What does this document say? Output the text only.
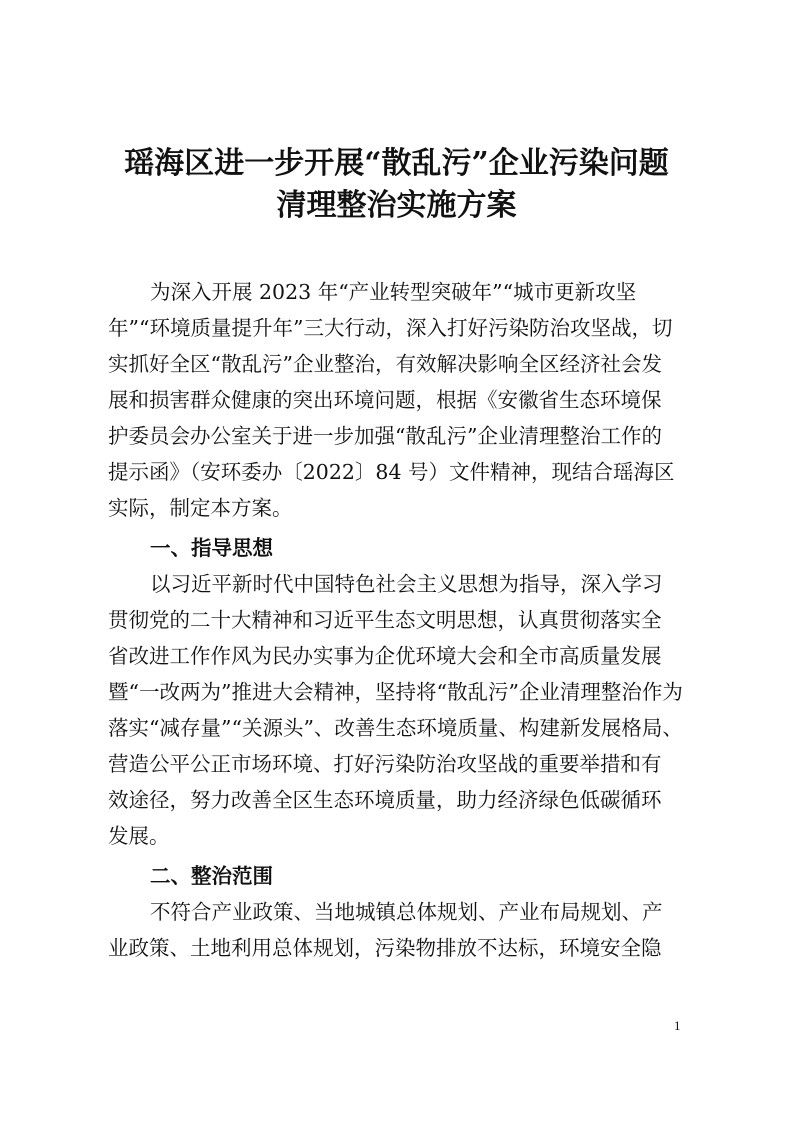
瑶海区进一步开展“散乱污”企业污染问题
清理整治实施方案
为深入开展 2023 年“产业转型突破年”“城市更新攻坚
年”“环境质量提升年”三大行动，深入打好污染防治攻坚战，切
实抓好全区“散乱污”企业整治，有效解决影响全区经济社会发
展和损害群众健康的突出环境问题，根据《安徽省生态环境保
护委员会办公室关于进一步加强“散乱污”企业清理整治工作的
提示函》（安环委办〔2022〕84 号）文件精神，现结合瑶海区
实际，制定本方案。
一、指导思想
以习近平新时代中国特色社会主义思想为指导，深入学习
贯彻党的二十大精神和习近平生态文明思想，认真贯彻落实全
省改进工作作风为民办实事为企优环境大会和全市高质量发展
暨“一改两为”推进大会精神，坚持将“散乱污”企业清理整治作为
落实“减存量”“关源头”、改善生态环境质量、构建新发展格局、
营造公平公正市场环境、打好污染防治攻坚战的重要举措和有
效途径，努力改善全区生态环境质量，助力经济绿色低碳循环
发展。
二、整治范围
不符合产业政策、当地城镇总体规划、产业布局规划、产
业政策、土地利用总体规划，污染物排放不达标，环境安全隐
1
